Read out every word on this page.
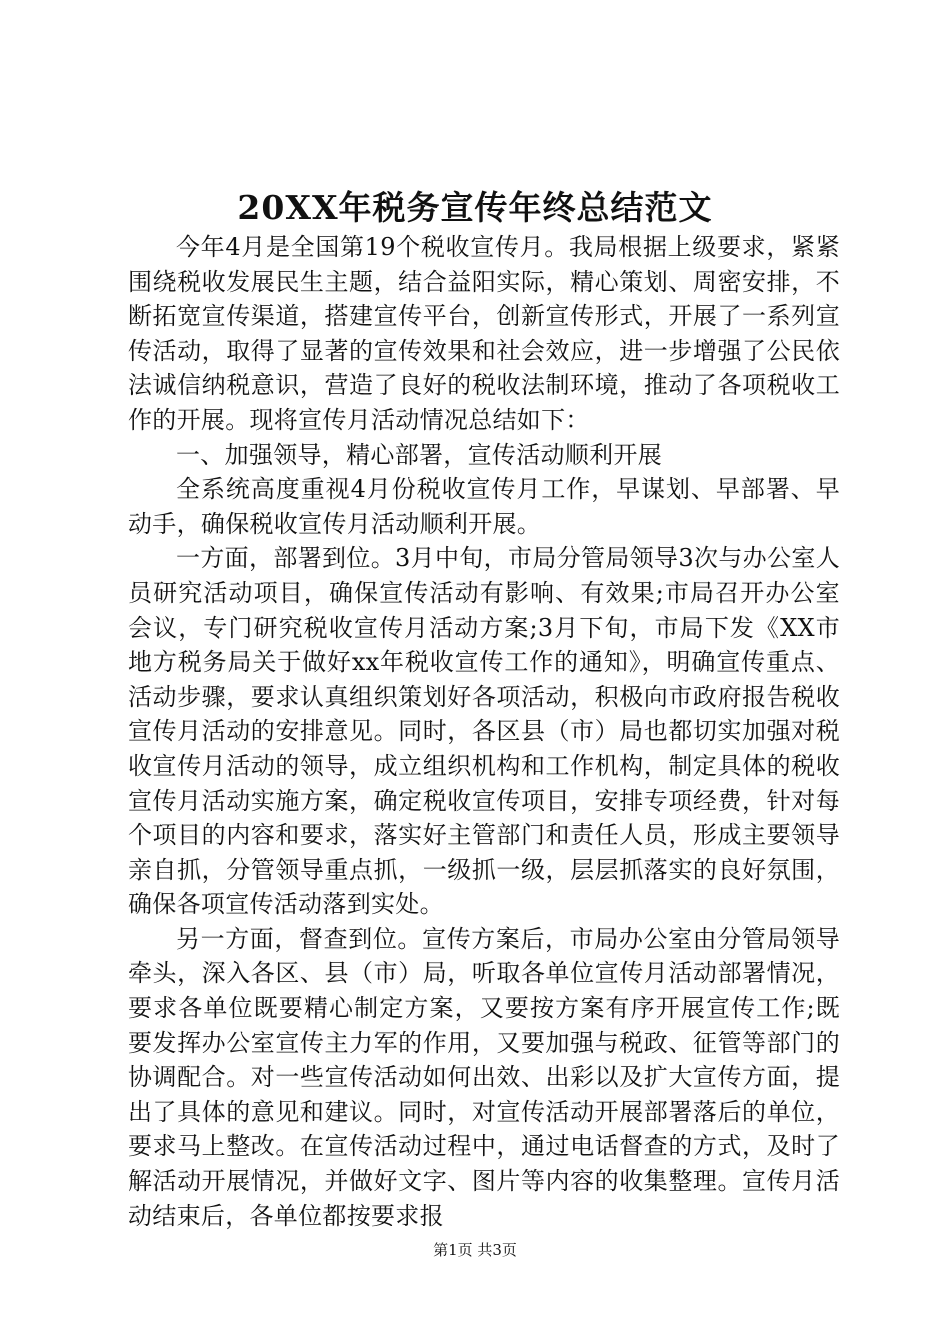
20XX年税务宣传年终总结范文

今年4月是全国第19个税收宣传月。我局根据上级要求，紧紧围绕税收发展民生主题，结合益阳实际，精心策划、周密安排，不断拓宽宣传渠道，搭建宣传平台，创新宣传形式，开展了一系列宣传活动，取得了显著的宣传效果和社会效应，进一步增强了公民依法诚信纳税意识，营造了良好的税收法制环境，推动了各项税收工作的开展。现将宣传月活动情况总结如下：

一、加强领导，精心部署，宣传活动顺利开展

全系统高度重视4月份税收宣传月工作，早谋划、早部署、早动手，确保税收宣传月活动顺利开展。

一方面，部署到位。3月中旬，市局分管局领导3次与办公室人员研究活动项目，确保宣传活动有影响、有效果;市局召开办公室会议，专门研究税收宣传月活动方案;3月下旬，市局下发《XX市地方税务局关于做好xx年税收宣传工作的通知》，明确宣传重点、活动步骤，要求认真组织策划好各项活动，积极向市政府报告税收宣传月活动的安排意见。同时，各区县（市）局也都切实加强对税收宣传月活动的领导，成立组织机构和工作机构，制定具体的税收宣传月活动实施方案，确定税收宣传项目，安排专项经费，针对每个项目的内容和要求，落实好主管部门和责任人员，形成主要领导亲自抓，分管领导重点抓，一级抓一级，层层抓落实的良好氛围，确保各项宣传活动落到实处。

另一方面，督查到位。宣传方案后，市局办公室由分管局领导牵头，深入各区、县（市）局，听取各单位宣传月活动部署情况，要求各单位既要精心制定方案，又要按方案有序开展宣传工作;既要发挥办公室宣传主力军的作用，又要加强与税政、征管等部门的协调配合。对一些宣传活动如何出效、出彩以及扩大宣传方面，提出了具体的意见和建议。同时，对宣传活动开展部署落后的单位，要求马上整改。在宣传活动过程中，通过电话督查的方式，及时了解活动开展情况，并做好文字、图片等内容的收集整理。宣传月活动结束后，各单位都按要求报

第1页 共3页
